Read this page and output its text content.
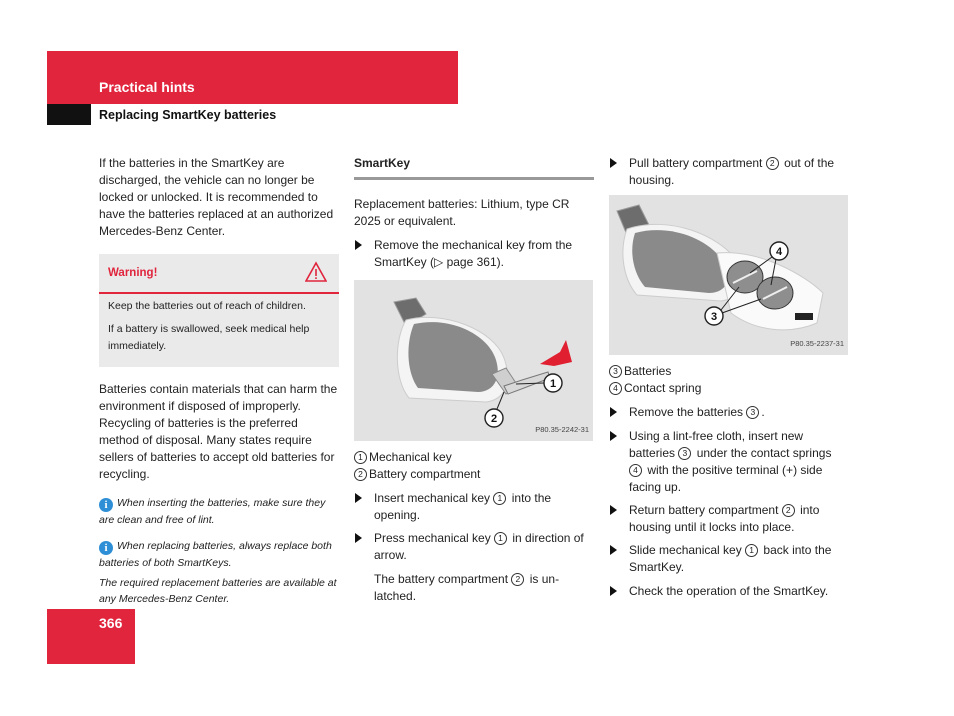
Practical hints
Replacing SmartKey batteries

If the batteries in the SmartKey are discharged, the vehicle can no longer be locked or unlocked. It is recommended to have the batteries replaced at an authorized Mercedes-Benz Center.

Warning!

Keep the batteries out of reach of children.

If a battery is swallowed, seek medical help immediately.

Batteries contain materials that can harm the environment if disposed of improperly. Recycling of batteries is the preferred method of disposal. Many states require sellers of batteries to accept old batteries for recycling.

i When inserting the batteries, make sure they are clean and free of lint.
i When replacing batteries, always replace both batteries of both SmartKeys.
The required replacement batteries are available at any Mercedes-Benz Center.
SmartKey

Replacement batteries: Lithium, type CR 2025 or equivalent.

Remove the mechanical key from the SmartKey (▷ page 361).
1
2
P80.35-2242-31
1 Mechanical key
2 Battery compartment
Insert mechanical key 1 into the opening.
Press mechanical key 1 in direction of arrow.
The battery compartment 2 is un-latched.
Pull battery compartment 2 out of the housing.
4
3
P80.35-2237-31
3 Batteries
4 Contact spring
Remove the batteries 3 .
Using a lint-free cloth, insert new batteries 3 under the contact springs 4 with the positive terminal (+) side facing up.
Return battery compartment 2 into housing until it locks into place.
Slide mechanical key 1 back into the SmartKey.
Check the operation of the SmartKey.
366
